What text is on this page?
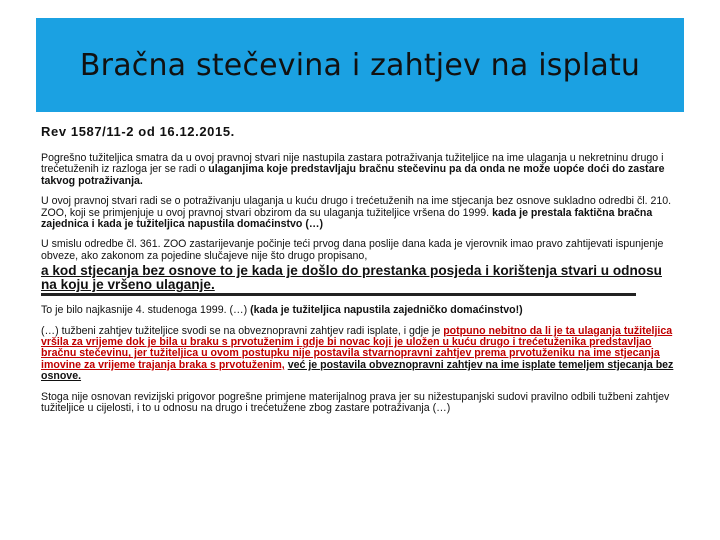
Bračna stečevina i zahtjev na isplatu
Rev 1587/11-2 od 16.12.2015.

Pogrešno tužiteljica smatra da u ovoj pravnoj stvari nije nastupila zastara potraživanja tužiteljice na ime ulaganja u nekretninu drugo i trećetuženih iz razloga jer se radi o ulaganjima koje predstavljaju bračnu stečevinu pa da onda ne može uopće doći do zastare takvog potraživanja.

U ovoj pravnoj stvari radi se o potraživanju ulaganja u kuću drugo i trećetuženih na ime stjecanja bez osnove sukladno odredbi čl. 210. ZOO, koji se primjenjuje u ovoj pravnoj stvari obzirom da su ulaganja tužiteljice vršena do 1999. kada je prestala faktična bračna zajednica i kada je tužiteljica napustila domaćinstvo (…)

U smislu odredbe čl. 361. ZOO zastarijevanje počinje teći prvog dana poslije dana kada je vjerovnik imao pravo zahtijevati ispunjenje obveze, ako zakonom za pojedine slučajeve nije što drugo propisano,

a kod stjecanja bez osnove to je kada je došlo do prestanka posjeda i korištenja stvari u odnosu na koju je vršeno ulaganje.

To je bilo najkasnije 4. studenoga 1999. (…) (kada je tužiteljica napustila zajedničko domaćinstvo!)

(…) tužbeni zahtjev tužiteljice svodi se na obveznopravni zahtjev radi isplate, i gdje je potpuno nebitno da li je ta ulaganja tužiteljica vršila za vrijeme dok je bila u braku s prvotuženim i gdje bi novac koji je uložen u kuću drugo i trećetuženika predstavljao bračnu stečevinu, jer tužiteljica u ovom postupku nije postavila stvarnopravni zahtjev prema prvotuženiku na ime stjecanja imovine za vrijeme trajanja braka s prvotuženim, već je postavila obveznopravni zahtjev na ime isplate temeljem stjecanja bez osnove.

Stoga nije osnovan revizijski prigovor pogrešne primjene materijalnog prava jer su nižestupanjski sudovi pravilno odbili tužbeni zahtjev tužiteljice u cijelosti, i to u odnosu na drugo i trećetužene zbog zastare potraživanja (…)
